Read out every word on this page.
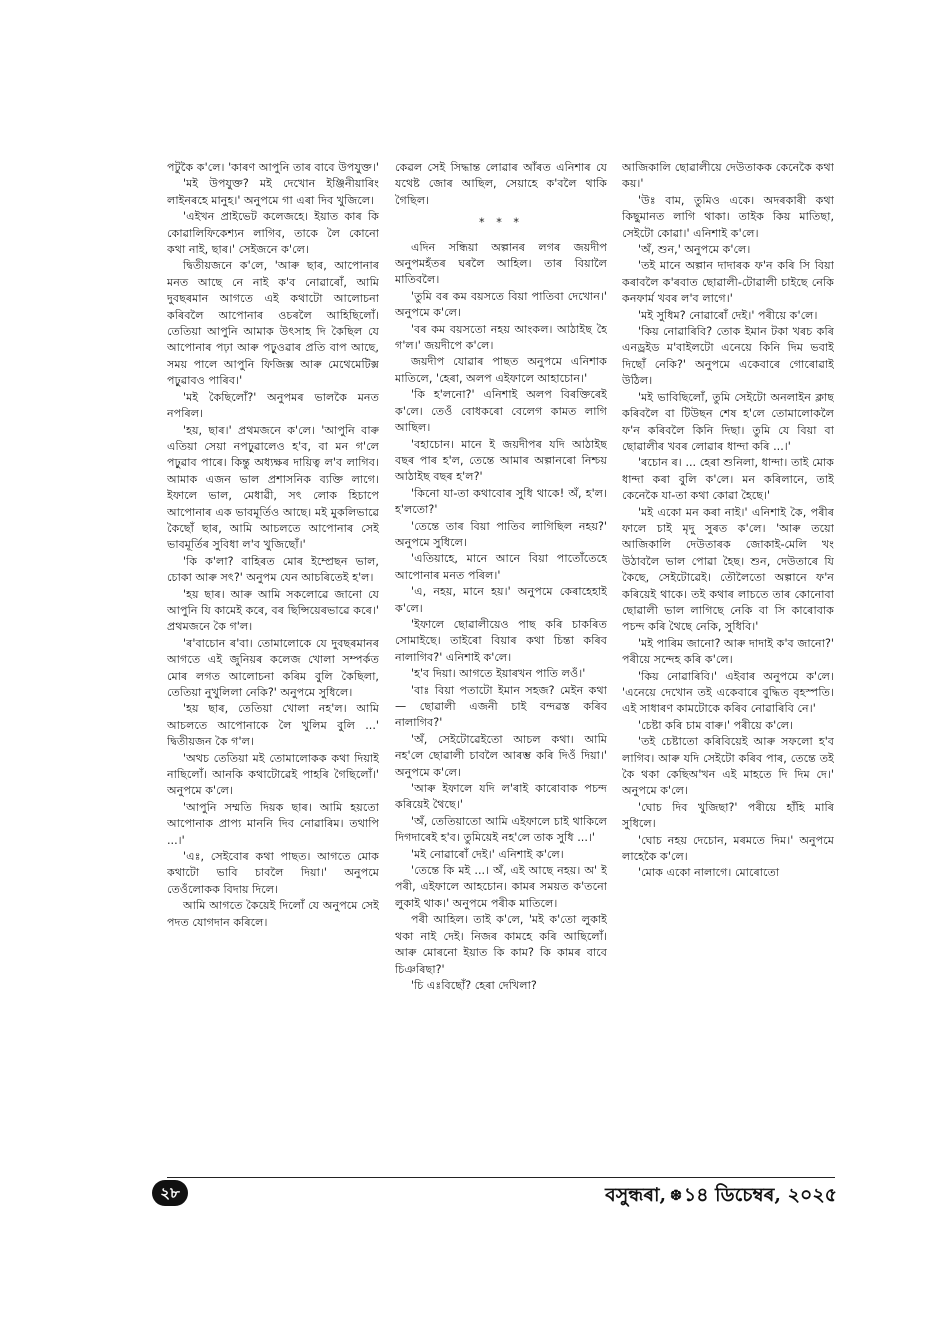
পটুকৈ ক'লে। 'কাৰণ আপুনি তাৰ বাবে উপযুক্ত।'

'মই উপযুক্ত? মই দেখোন ইঞ্জিনীয়াৰিং লাইনৰহে মানুহ।' অনুপমে গা এৰা দিব খুজিলে।

'এইখন প্ৰাইভেট কলেজহে। ইয়াত কাৰ কি কোৱালিফিকেশ্যন লাগিব, তাকে লৈ কোনো কথা নাই, ছাৰ।' সেইজনে ক'লে।

দ্বিতীয়জনে ক'লে, 'আৰু ছাৰ, আপোনাৰ মনত আছে নে নাই ক'ব নোৱাৰোঁ, আমি দুবছৰমান আগতে এই কথাটো আলোচনা কৰিবলৈ আপোনাৰ ওচৰলৈ আহিছিলোঁ। তেতিয়া আপুনি আমাক উৎসাহ দি কৈছিল যে আপোনাৰ পঢ়া আৰু পঢ়ুওৱাৰ প্ৰতি বাপ আছে, সময় পালে আপুনি ফিজিক্স আৰু মেথেমেটিক্স পঢ়ুৱাবও পাৰিব।'

'মই কৈছিলোঁ?' অনুপমৰ ভালকৈ মনত নপৰিল।

'হয়, ছাৰ।' প্ৰথমজনে ক'লে। 'আপুনি বাৰু এতিয়া সেয়া নপঢ়ুৱালেও হ'ব, বা মন গ'লে পঢ়ুৱাব পাৰে। কিন্তু অধ্যক্ষৰ দায়িত্ব ল'ব লাগিব। আমাক এজন ভাল প্ৰশাসনিক ব্যক্তি লাগে। ইফালে ভাল, মেধাৱী, সৎ লোক হিচাপে আপোনাৰ এক ভাবমূৰ্তিও আছে। মই মুকলিভাৱে কৈছোঁ ছাৰ, আমি আচলতে আপোনাৰ সেই ভাবমূৰ্তিৰ সুবিধা ল'ব খুজিছোঁ।'

'কি ক'লা? বাহিৰত মোৰ ইম্প্ৰেছন ভাল, চোকা আৰু সৎ?' অনুপম যেন আচৰিতেই হ'ল।

'হয় ছাৰ। আৰু আমি সকলোৱে জানো যে আপুনি যি কামেই কৰে, বৰ ছিন্সিয়েৰভাৱে কৰে।' প্ৰথমজনে কৈ গ'ল।

'ৰ'বাচোন ৰ'বা। তোমালোকে যে দুবছৰমানৰ আগতে এই জুনিয়ৰ কলেজ খোলা সম্পৰ্কত মোৰ লগত আলোচনা কৰিম বুলি কৈছিলা, তেতিয়া নুখুলিলা নেকি?' অনুপমে সুধিলে।

'হয় ছাৰ, তেতিয়া খোলা নহ'ল। আমি আচলতে আপোনাকে লৈ খুলিম বুলি ...' দ্বিতীয়জন কৈ গ'ল।

'অথচ তেতিয়া মই তোমালোকক কথা দিয়াই নাছিলোঁ। আনকি কথাটোৱেই পাহৰি গৈছিলোঁ।' অনুপমে ক'লে।

'আপুনি সম্মতি দিয়ক ছাৰ। আমি হয়তো আপোনাক প্ৰাপ্য মাননি দিব নোৱাৰিম। তথাপি ...।'

'এঃ, সেইবোৰ কথা পাছত। আগতে মোক কথাটো ভাবি চাবলৈ দিয়া।' অনুপমে তেওঁলোকক বিদায় দিলে।

আমি আগতে কৈয়েই দিলোঁ যে অনুপমে সেই পদত যোগদান কৰিলে।

কেৱল সেই সিদ্ধান্ত লোৱাৰ আঁৰত এনিশাৰ যে যথেষ্ট জোৰ আছিল, সেয়াহে ক'বলৈ থাকি গৈছিল।

* * *

এদিন সন্ধিয়া অল্পানৰ লগৰ জয়দীপ অনুপমহঁতৰ ঘৰলৈ আহিল। তাৰ বিয়ালৈ মাতিবলৈ।

'তুমি বৰ কম বয়সতে বিয়া পাতিবা দেখোন।' অনুপমে ক'লে।

'বৰ কম বয়সতো নহয় আংকল। আঠাইছ হৈ গ'ল।' জয়দীপে ক'লে।

জয়দীপ যোৱাৰ পাছত অনুপমে এনিশাক মাতিলে, 'হেৰা, অলপ এইফালে আহাচোন।'

'কি হ'লনো?' এনিশাই অলপ বিৰক্তিৰেই ক'লে। তেওঁ বোধকৰো বেলেগ কামত লাগি আছিল।

'বহাচোন। মানে ই জয়দীপৰ যদি আঠাইছ বছৰ পাৰ হ'ল, তেন্তে আমাৰ অল্পানৰো নিশ্চয় আঠাইছ বছৰ হ'ল?'

'কিনো যা-তা কথাবোৰ সুধি থাকে! অঁ, হ'ল। হ'লতো?'

'তেন্তে তাৰ বিয়া পাতিব লাগিছিল নহয়?' অনুপমে সুধিলে।

'এতিয়াহে, মানে আনে বিয়া পাতোঁতেহে আপোনাৰ মনত পৰিল।'

'এ, নহয়, মানে হয়।' অনুপমে কেৰাহেহাই ক'লে।

'ইফালে ছোৱালীয়েও পাছ কৰি চাকৰিত সোমাইছে। তাইৰো বিয়াৰ কথা চিন্তা কৰিব নালাগিব?' এনিশাই ক'লে।

'হ'ব দিয়া। আগতে ইয়াৰখন পাতি লওঁ।'

'বাঃ বিয়া পতাটো ইমান সহজ? মেইন কথা— ছোৱালী এজনী চাই বন্দৱস্ত কৰিব নালাগিব?'

'অঁ, সেইটোৱেইতো আচল কথা। আমি নহ'লে ছোৱালী চাবলৈ আৰম্ভ কৰি দিওঁ দিয়া।' অনুপমে ক'লে।

'আৰু ইফালে যদি ল'ৰাই কাৰোবাক পচন্দ কৰিয়েই থৈছে।'

'অঁ, তেতিয়াতো আমি এইফালে চাই থাকিলে দিগদাৰেই হ'ব। তুমিয়েই নহ'লে তাক সুধি ...।'

'মই নোৱাৰোঁ দেই।' এনিশাই ক'লে।

'তেন্তে কি মই ...। অঁ, এই আছে নহয়। অ' ই পৰী, এইফালে আহচোন। কামৰ সময়ত ক'তনো লুকাই থাক।' অনুপমে পৰীক মাতিলে।

পৰী আহিল। তাই ক'লে, 'মই ক'তো লুকাই থকা নাই দেই। নিজৰ কামহে কৰি আছিলোঁ। আৰু মোৰনো ইয়াত কি কাম? কি কামৰ বাবে চিঞৰিছা?'

'চি এঃবিছোঁ? হেৰা দেখিলা?

আজিকালি ছোৱালীয়ে দেউতাকক কেনেকৈ কথা কয়।'

'উঃ বাম, তুমিও একে। অদৰকাৰী কথা কিছুমানত লাগি থাকা। তাইক কিয় মাতিছা, সেইটো কোৱা।' এনিশাই ক'লে।

'অঁ, শুন,' অনুপমে ক'লে।

'তই মানে অল্পান দাদাৰক ফ'ন কৰি সি বিয়া কৰাবলৈ ক'ৰবাত ছোৱালী-টোৱালী চাইছে নেকি কনফাৰ্ম খবৰ ল'ব লাগে।'

'মই সুধিম? নোৱাৰোঁ দেই।' পৰীয়ে ক'লে।

'কিয় নোৱাৰিবি? তোক ইমান টকা খৰচ কৰি এনড্ৰইড ম'বাইলটো এনেয়ে কিনি দিম ভবাই দিছোঁ নেকি?' অনুপমে একেবাৰে গোৰোৱাই উঠিল।

'মই ভাবিছিলোঁ, তুমি সেইটো অনলাইন ক্লাছ কৰিবলৈ বা টিউছন শেষ হ'লে তোমালোকলৈ ফ'ন কৰিবলৈ কিনি দিছা। তুমি যে বিয়া বা ছোৱালীৰ খবৰ লোৱাৰ ধান্দা কৰি ...।'

'ৰচোন ৰ। ... হেৰা শুনিলা, ধান্দা। তাই মোক ধান্দা কৰা বুলি ক'লে। মন কৰিলানে, তাই কেনেকৈ যা-তা কথা কোৱা হৈছে।'

'মই একো মন কৰা নাই।' এনিশাই কৈ, পৰীৰ ফালে চাই মৃদু সুৰত ক'লে। 'আৰু তয়ো আজিকালি দেউতাৰক জোকাই-মেলি খং উঠাবলৈ ভাল পোৱা হৈছ। শুন, দেউতাৰে যি কৈছে, সেইটোৱেই। তৌলৈতো অল্পানে ফ'ন কৰিয়েই থাকে। তই কথাৰ লাচতে তাৰ কোনোবা ছোৱালী ভাল লাগিছে নেকি বা সি কাৰোবাক পচন্দ কৰি থৈছে নেকি, সুধিবি।'

'মই পাৰিম জানো? আৰু দাদাই ক'ব জানো?' পৰীয়ে সন্দেহ কৰি ক'লে।

'কিয় নোৱাৰিবি।' এইবাৰ অনুপমে ক'লে। 'এনেয়ে দেখোন তই একেবাৰে বুদ্ধিত বৃহস্পতি। এই সাধাৰণ কামটোকে কৰিব নোৱাৰিবি নে।'

'চেষ্টা কৰি চাম বাৰু।' পৰীয়ে ক'লে।

'তই চেষ্টাতো কৰিবিয়েই আৰু সফলো হ'ব লাগিব। আৰু যদি সেইটো কৰিব পাৰ, তেন্তে তই কৈ থকা কেছিঅ'খন এই মাহতে দি দিম দে।' অনুপমে ক'লে।

'ঘোচ দিব খুজিছা?' পৰীয়ে হাঁহি মাৰি সুধিলে।

'ঘোচ নহয় দেচোন, মৰমতে দিম।' অনুপমে লাহেকৈ ক'লে।

'মোক একো নালাগে। মোৰোতো

২৮	বসুন্ধৰা, ❆ ১৪ ডিচেম্বৰ, ২০২৫
